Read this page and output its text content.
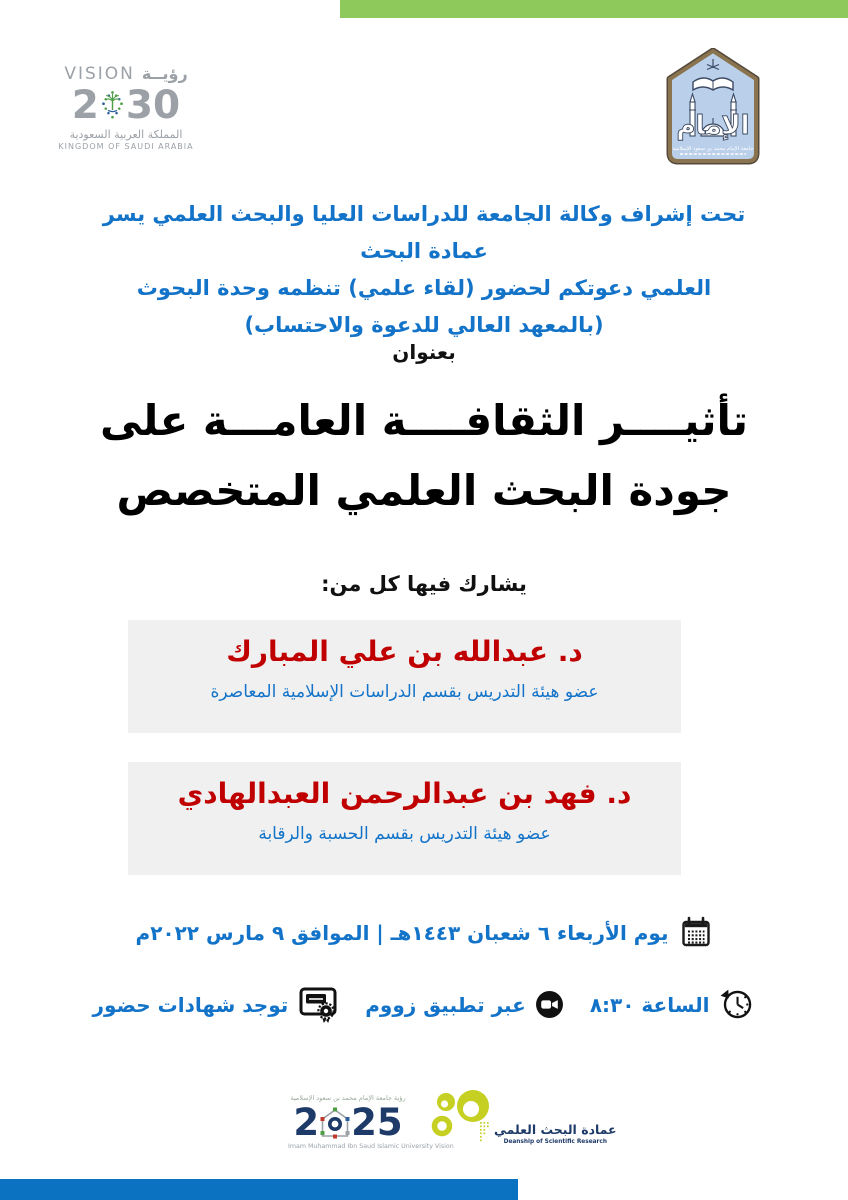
VISION رؤيــة
2 30
المملكة العربية السعودية
KINGDOM OF SAUDI ARABIA
الإمام
جامعة الإمام محمد بن سعود الإسلامية
تحت إشراف وكالة الجامعة للدراسات العليا والبحث العلمي يسر عمادة البحث
العلمي دعوتكم لحضور (لقاء علمي) تنظمه وحدة البحوث
(بالمعهد العالي للدعوة والاحتساب)
بعنوان
تأثيــــر الثقافــــة العامـــة على
جودة البحث العلمي المتخصص
يشارك فيها كل من:
د. عبدالله بن علي المبارك
عضو هيئة التدريس بقسم الدراسات الإسلامية المعاصرة
د. فهد بن عبدالرحمن العبدالهادي
عضو هيئة التدريس بقسم الحسبة والرقابة
يوم الأربعاء ٦ شعبان ١٤٤٣هـ | الموافق ٩ مارس ٢٠٢٢م
الساعة ٨:٣٠
عبر تطبيق زووم
توجد شهادات حضور
رؤية جامعة الإمام محمد بن سعود الإسلامية
2 25
Imam Muhammad Ibn Saud Islamic University Vision
عمادة البحث العلمي
Deanship of Scientific Research
